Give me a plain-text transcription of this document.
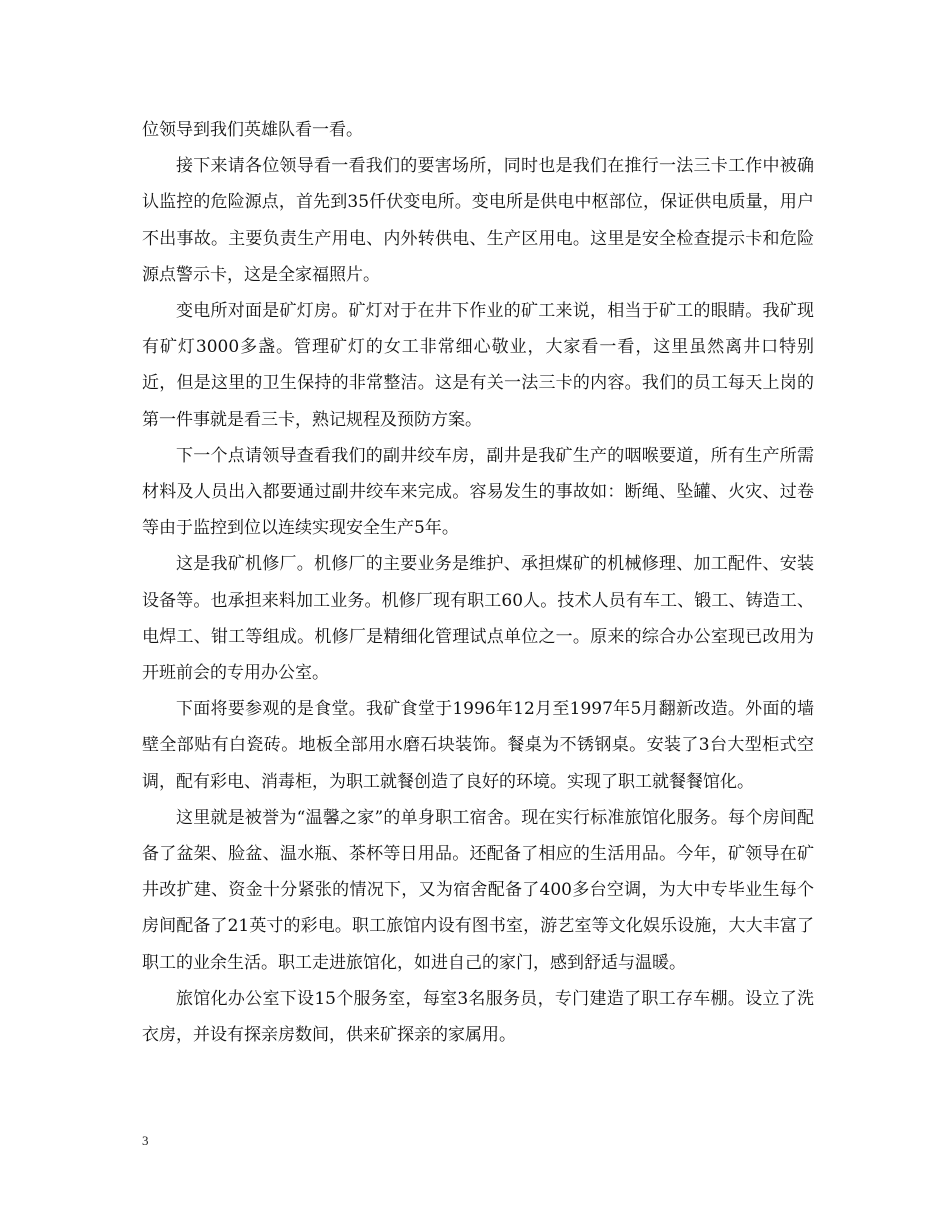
位领导到我们英雄队看一看。

接下来请各位领导看一看我们的要害场所，同时也是我们在推行一法三卡工作中被确认监控的危险源点，首先到35仟伏变电所。变电所是供电中枢部位，保证供电质量，用户不出事故。主要负责生产用电、内外转供电、生产区用电。这里是安全检查提示卡和危险源点警示卡，这是全家福照片。

变电所对面是矿灯房。矿灯对于在井下作业的矿工来说，相当于矿工的眼睛。我矿现有矿灯3000多盏。管理矿灯的女工非常细心敬业，大家看一看，这里虽然离井口特别近，但是这里的卫生保持的非常整洁。这是有关一法三卡的内容。我们的员工每天上岗的第一件事就是看三卡，熟记规程及预防方案。

下一个点请领导查看我们的副井绞车房，副井是我矿生产的咽喉要道，所有生产所需材料及人员出入都要通过副井绞车来完成。容易发生的事故如：断绳、坠罐、火灾、过卷等由于监控到位以连续实现安全生产5年。

这是我矿机修厂。机修厂的主要业务是维护、承担煤矿的机械修理、加工配件、安装设备等。也承担来料加工业务。机修厂现有职工60人。技术人员有车工、锻工、铸造工、电焊工、钳工等组成。机修厂是精细化管理试点单位之一。原来的综合办公室现已改用为开班前会的专用办公室。

下面将要参观的是食堂。我矿食堂于1996年12月至1997年5月翻新改造。外面的墙壁全部贴有白瓷砖。地板全部用水磨石块装饰。餐桌为不锈钢桌。安装了3台大型柜式空调，配有彩电、消毒柜，为职工就餐创造了良好的环境。实现了职工就餐餐馆化。

这里就是被誉为“温馨之家”的单身职工宿舍。现在实行标准旅馆化服务。每个房间配备了盆架、脸盆、温水瓶、茶杯等日用品。还配备了相应的生活用品。今年，矿领导在矿井改扩建、资金十分紧张的情况下，又为宿舍配备了400多台空调，为大中专毕业生每个房间配备了21英寸的彩电。职工旅馆内设有图书室，游艺室等文化娱乐设施，大大丰富了职工的业余生活。职工走进旅馆化，如进自己的家门，感到舒适与温暖。

旅馆化办公室下设15个服务室，每室3名服务员，专门建造了职工存车棚。设立了洗衣房，并设有探亲房数间，供来矿探亲的家属用。

3
